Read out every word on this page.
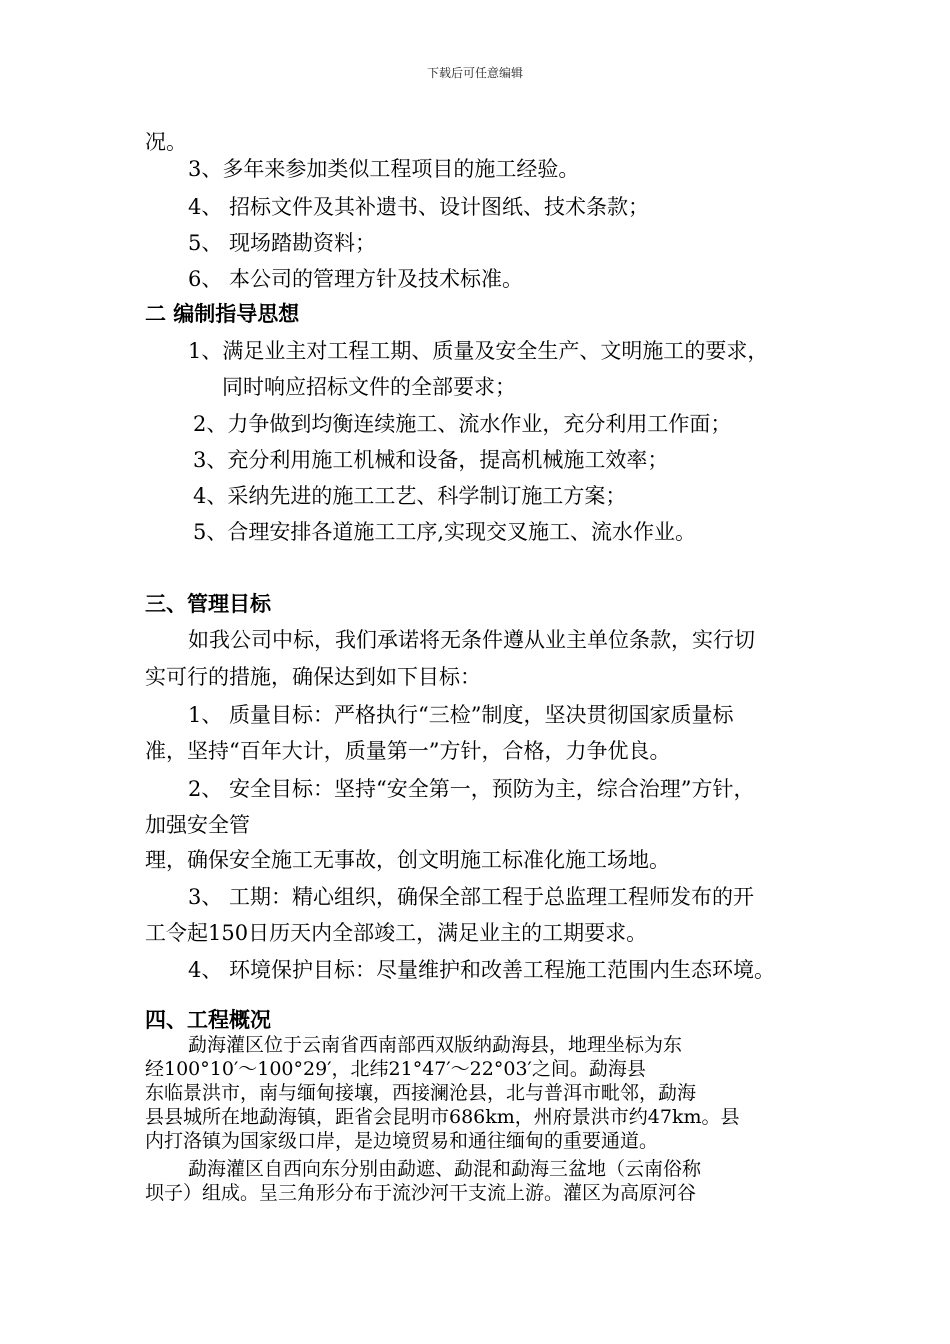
下载后可任意编辑
况。
3、多年来参加类似工程项目的施工经验。
4、 招标文件及其补遗书、设计图纸、技术条款；
5、 现场踏勘资料；
6、 本公司的管理方针及技术标准。
二 编制指导思想
1、满足业主对工程工期、质量及安全生产、文明施工的要求，
同时响应招标文件的全部要求；
2、力争做到均衡连续施工、流水作业，充分利用工作面；
3、充分利用施工机械和设备，提高机械施工效率；
4、采纳先进的施工工艺、科学制订施工方案；
5、合理安排各道施工工序,实现交叉施工、流水作业。
三、管理目标
如我公司中标，我们承诺将无条件遵从业主单位条款，实行切
实可行的措施，确保达到如下目标：
1、 质量目标：严格执行“三检”制度，坚决贯彻国家质量标
准，坚持“百年大计，质量第一”方针，合格，力争优良。
2、 安全目标：坚持“安全第一，预防为主，综合治理”方针，
加强安全管
理，确保安全施工无事故，创文明施工标准化施工场地。
3、 工期：精心组织，确保全部工程于总监理工程师发布的开
工令起150日历天内全部竣工，满足业主的工期要求。
4、 环境保护目标：尽量维护和改善工程施工范围内生态环境。
四、工程概况
勐海灌区位于云南省西南部西双版纳勐海县，地理坐标为东
经100°10′～100°29′，北纬21°47′～22°03′之间。勐海县
东临景洪市，南与缅甸接壤，西接澜沧县，北与普洱市毗邻，勐海
县县城所在地勐海镇，距省会昆明市686km，州府景洪市约47km。县
内打洛镇为国家级口岸，是边境贸易和通往缅甸的重要通道。
勐海灌区自西向东分别由勐遮、勐混和勐海三盆地（云南俗称
坝子）组成。呈三角形分布于流沙河干支流上游。灌区为高原河谷
